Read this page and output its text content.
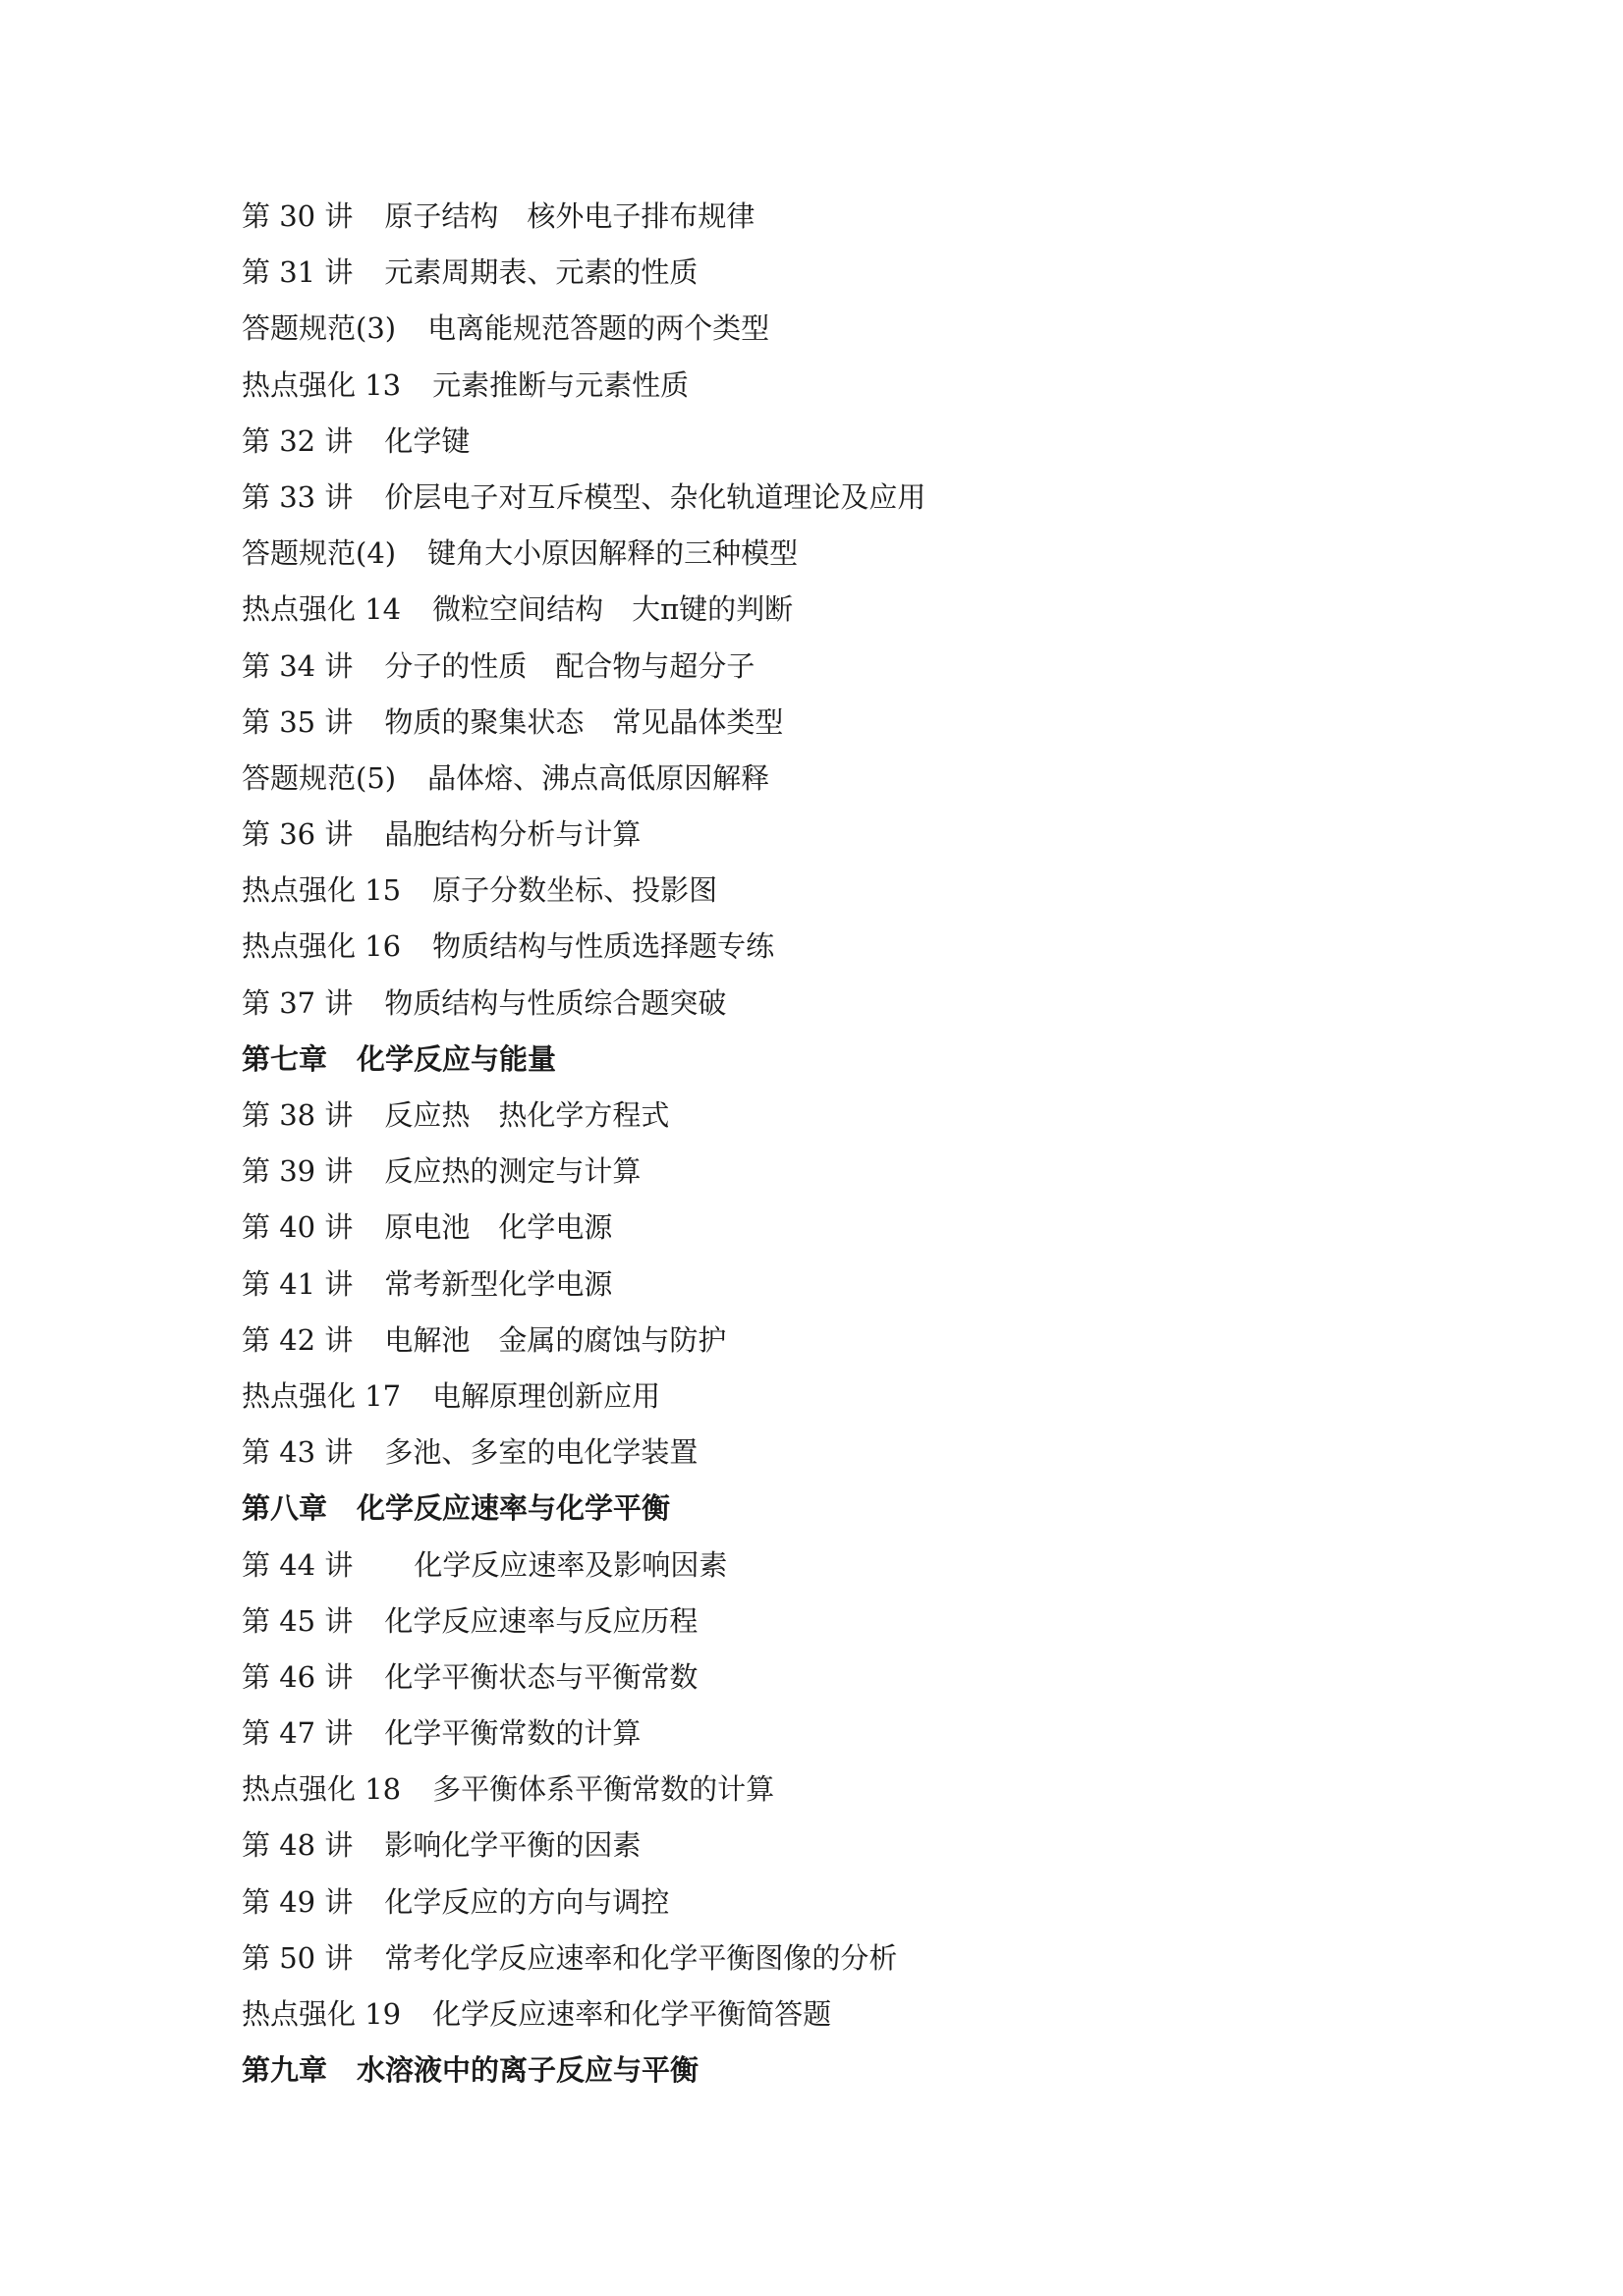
第 30 讲 原子结构　核外电子排布规律
第 31 讲 元素周期表、元素的性质
答题规范(3) 电离能规范答题的两个类型
热点强化 13 元素推断与元素性质
第 32 讲 化学键
第 33 讲 价层电子对互斥模型、杂化轨道理论及应用
答题规范(4) 键角大小原因解释的三种模型
热点强化 14 微粒空间结构　大π键的判断
第 34 讲 分子的性质　配合物与超分子
第 35 讲 物质的聚集状态　常见晶体类型
答题规范(5) 晶体熔、沸点高低原因解释
第 36 讲 晶胞结构分析与计算
热点强化 15 原子分数坐标、投影图
热点强化 16 物质结构与性质选择题专练
第 37 讲 物质结构与性质综合题突破
第七章 化学反应与能量
第 38 讲 反应热　热化学方程式
第 39 讲 反应热的测定与计算
第 40 讲 原电池　化学电源
第 41 讲 常考新型化学电源
第 42 讲 电解池　金属的腐蚀与防护
热点强化 17 电解原理创新应用
第 43 讲 多池、多室的电化学装置
第八章 化学反应速率与化学平衡
第 44 讲 化学反应速率及影响因素
第 45 讲 化学反应速率与反应历程
第 46 讲 化学平衡状态与平衡常数
第 47 讲 化学平衡常数的计算
热点强化 18 多平衡体系平衡常数的计算
第 48 讲 影响化学平衡的因素
第 49 讲 化学反应的方向与调控
第 50 讲 常考化学反应速率和化学平衡图像的分析
热点强化 19 化学反应速率和化学平衡简答题
第九章 水溶液中的离子反应与平衡
